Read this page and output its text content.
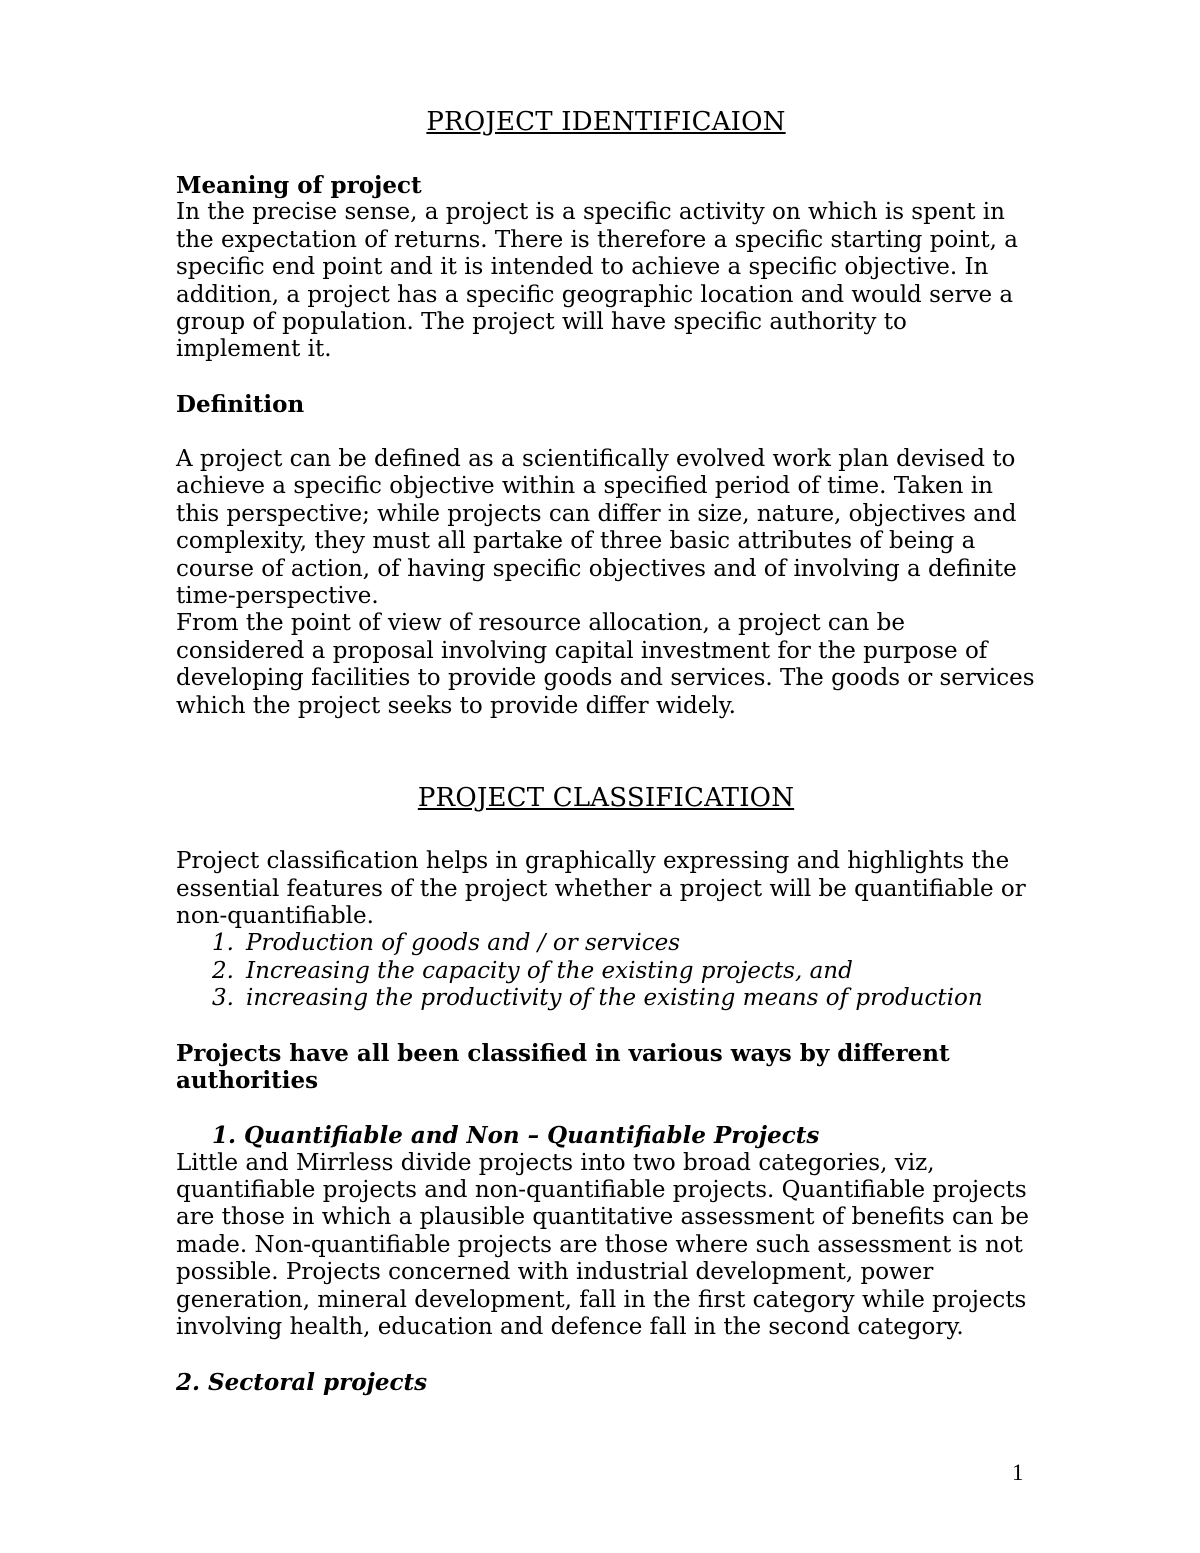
PROJECT IDENTIFICAION

Meaning of project

In the precise sense, a project is a specific activity on which is spent in the expectation of returns. There is therefore a specific starting point, a specific end point and it is intended to achieve a specific objective. In addition, a project has a specific geographic location and would serve a group of population. The project will have specific authority to implement it.

Definition

A project can be defined as a scientifically evolved work plan devised to achieve a specific objective within a specified period of time. Taken in this perspective; while projects can differ in size, nature, objectives and complexity, they must all partake of three basic attributes of being a course of action, of having specific objectives and of involving a definite time-perspective.

From the point of view of resource allocation, a project can be considered a proposal involving capital investment for the purpose of developing facilities to provide goods and services. The goods or services which the project seeks to provide differ widely.

PROJECT CLASSIFICATION

Project classification helps in graphically expressing and highlights the essential features of the project whether a project will be quantifiable or non-quantifiable.

1. Production of goods and / or services
2. Increasing the capacity of the existing projects, and
3. increasing the productivity of the existing means of production

Projects have all been classified in various ways by different authorities

1. Quantifiable and Non – Quantifiable Projects

Little and Mirrless divide projects into two broad categories, viz, quantifiable projects and non-quantifiable projects. Quantifiable projects are those in which a plausible quantitative assessment of benefits can be made. Non-quantifiable projects are those where such assessment is not possible. Projects concerned with industrial development, power generation, mineral development, fall in the first category while projects involving health, education and defence fall in the second category.

2. Sectoral projects

1
